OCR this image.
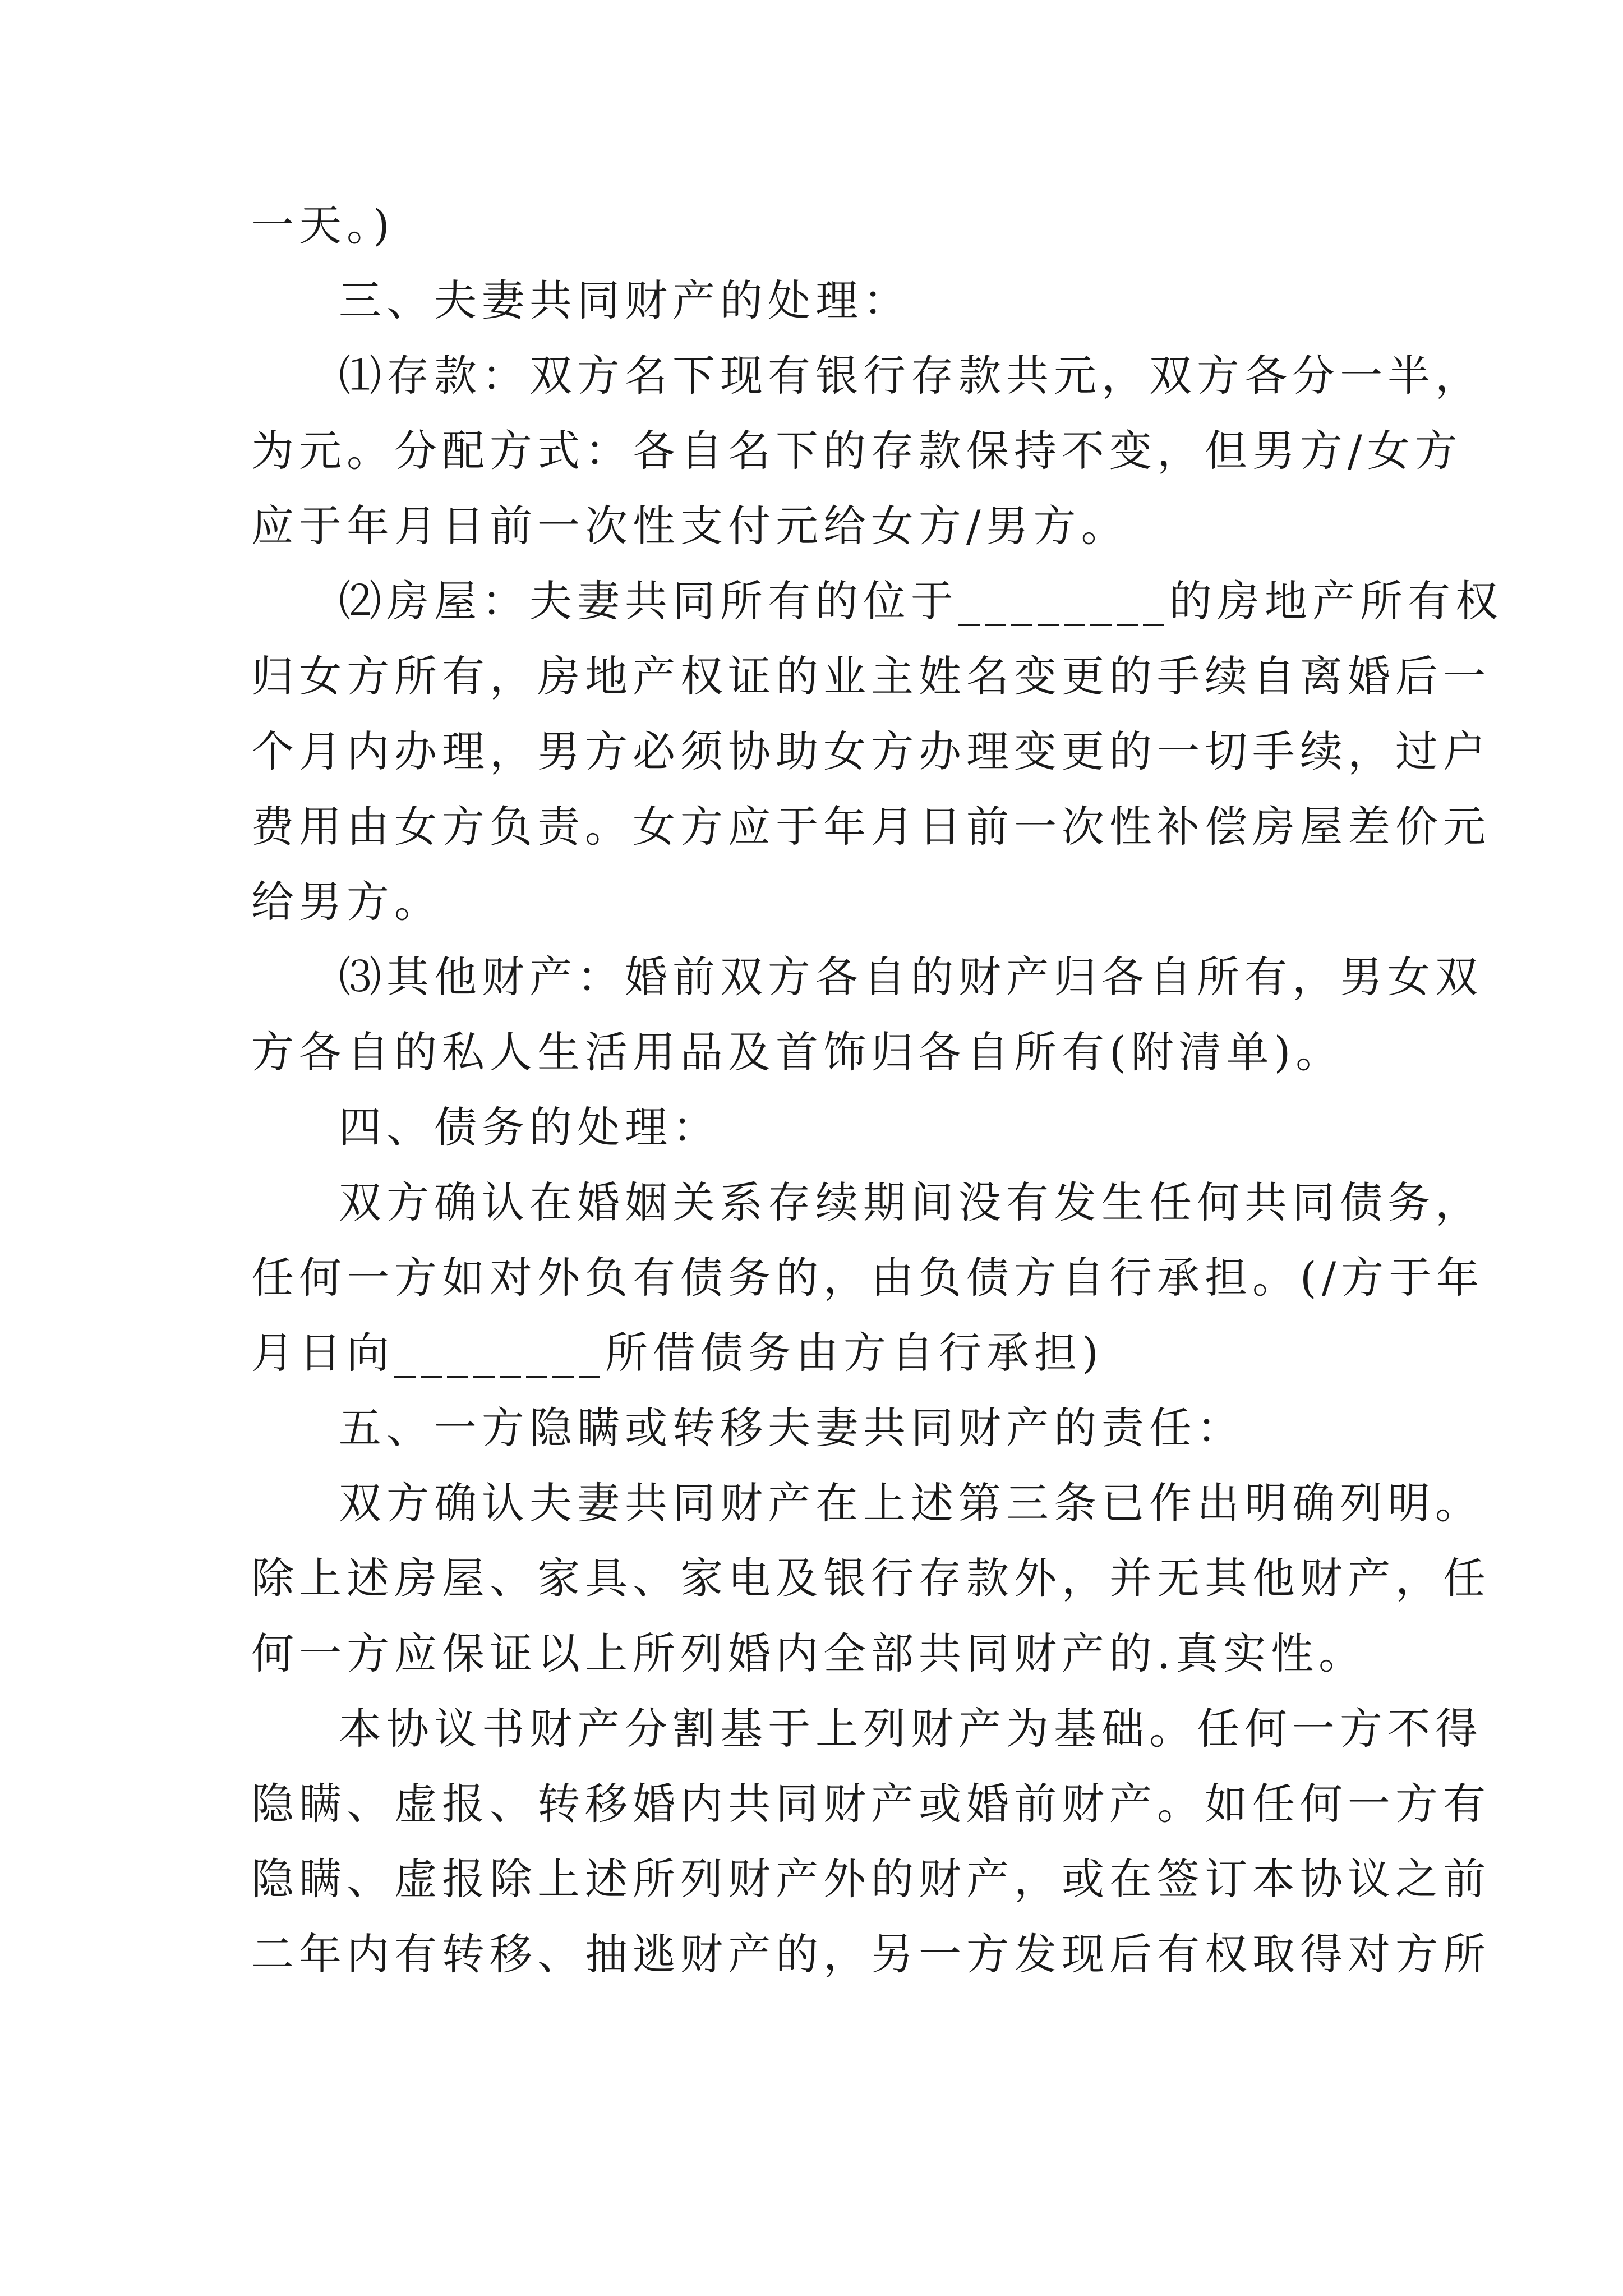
一天。)
三、夫妻共同财产的处理：
⑴存款：双方名下现有银行存款共元，双方各分一半，
为元。分配方式：各自名下的存款保持不变，但男方/女方
应于年月日前一次性支付元给女方/男方。
⑵房屋：夫妻共同所有的位于________的房地产所有权
归女方所有，房地产权证的业主姓名变更的手续自离婚后一
个月内办理，男方必须协助女方办理变更的一切手续，过户
费用由女方负责。女方应于年月日前一次性补偿房屋差价元
给男方。
⑶其他财产：婚前双方各自的财产归各自所有，男女双
方各自的私人生活用品及首饰归各自所有(附清单)。
四、债务的处理：
双方确认在婚姻关系存续期间没有发生任何共同债务，
任何一方如对外负有债务的，由负债方自行承担。(/方于年
月日向________所借债务由方自行承担)
五、一方隐瞒或转移夫妻共同财产的责任：
双方确认夫妻共同财产在上述第三条已作出明确列明。
除上述房屋、家具、家电及银行存款外，并无其他财产，任
何一方应保证以上所列婚内全部共同财产的.真实性。
本协议书财产分割基于上列财产为基础。任何一方不得
隐瞒、虚报、转移婚内共同财产或婚前财产。如任何一方有
隐瞒、虚报除上述所列财产外的财产，或在签订本协议之前
二年内有转移、抽逃财产的，另一方发现后有权取得对方所
